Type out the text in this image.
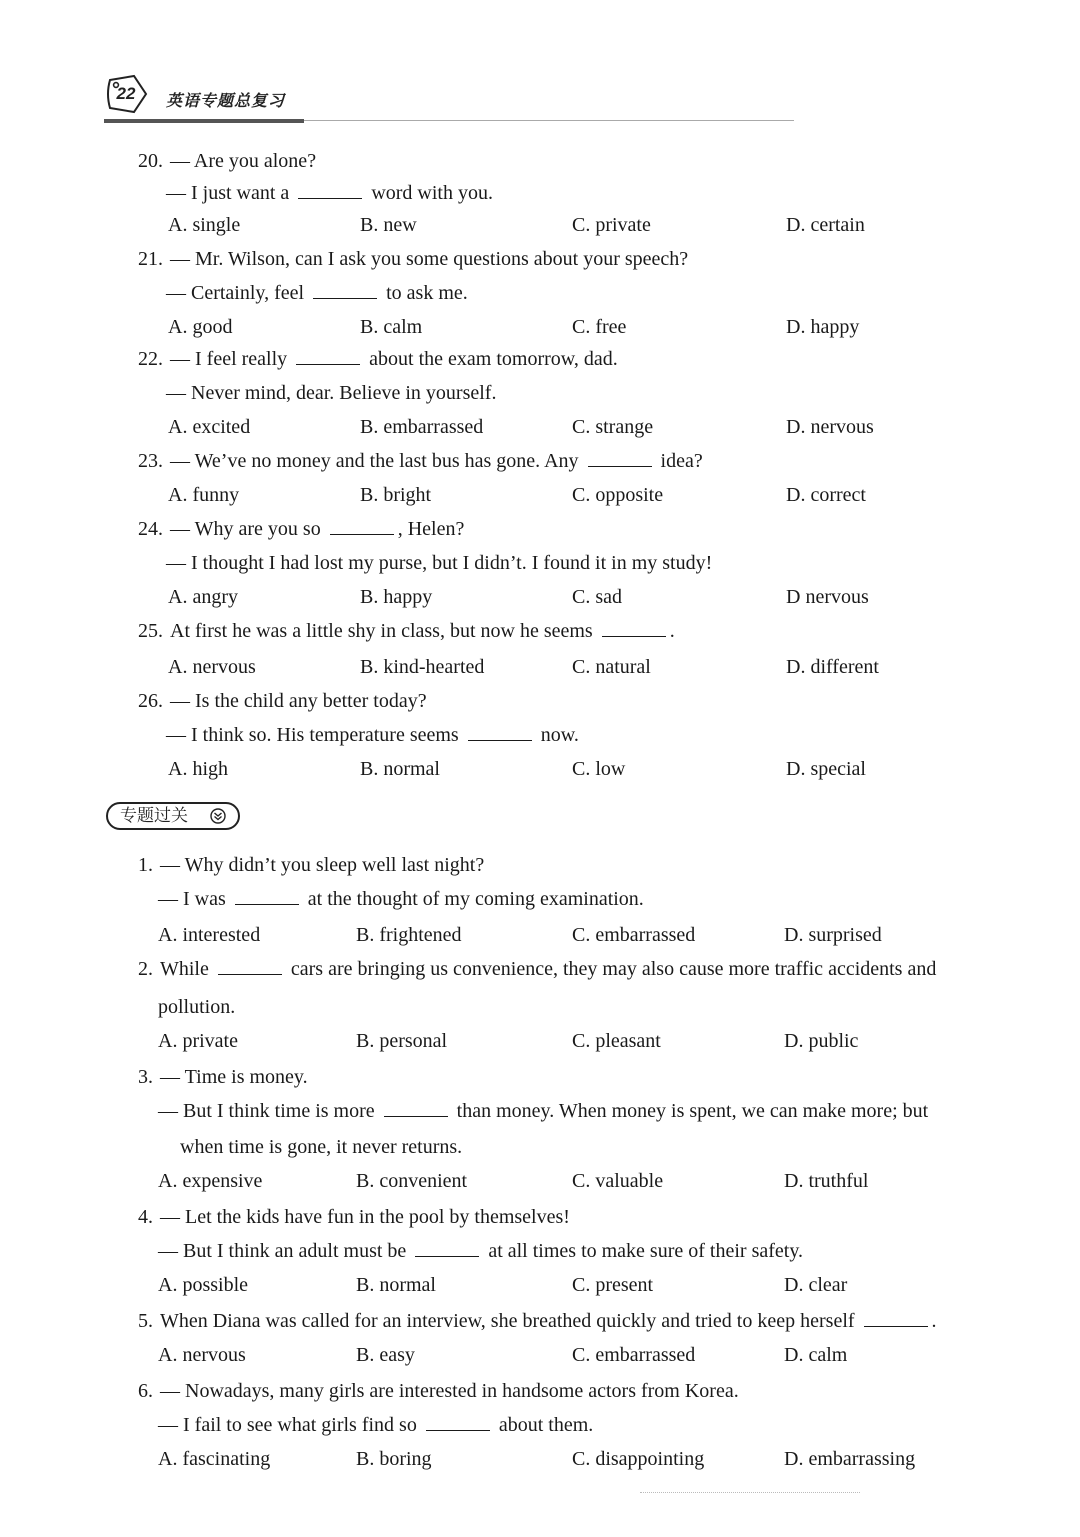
22	英语专题总复习
20. — Are you alone?
— I just want a	word with you.
A. single	B. new	C. private	D. certain
21. — Mr. Wilson, can I ask you some questions about your speech?
— Certainly, feel	to ask me.
A. good	B. calm	C. free	D. happy
22. — I feel really	about the exam tomorrow, dad.
— Never mind, dear. Believe in yourself.
A. excited	B. embarrassed	C. strange	D. nervous
23. — We’ve no money and the last bus has gone. Any	idea?
A. funny	B. bright	C. opposite	D. correct
24. — Why are you so	, Helen?
— I thought I had lost my purse, but I didn’t. I found it in my study!
A. angry	B. happy	C. sad	D nervous
25. At first he was a little shy in class, but now he seems	.
A. nervous	B. kind-hearted	C. natural	D. different
26. — Is the child any better today?
— I think so. His temperature seems	now.
A. high	B. normal	C. low	D. special
专题过关
1. — Why didn’t you sleep well last night?
— I was	at the thought of my coming examination.
A. interested	B. frightened	C. embarrassed	D. surprised
2. While	cars are bringing us convenience, they may also cause more traffic accidents and
pollution.
A. private	B. personal	C. pleasant	D. public
3. — Time is money.
— But I think time is more	than money. When money is spent, we can make more; but
when time is gone, it never returns.
A. expensive	B. convenient	C. valuable	D. truthful
4. — Let the kids have fun in the pool by themselves!
— But I think an adult must be	at all times to make sure of their safety.
A. possible	B. normal	C. present	D. clear
5. When Diana was called for an interview, she breathed quickly and tried to keep herself	.
A. nervous	B. easy	C. embarrassed	D. calm
6. — Nowadays, many girls are interested in handsome actors from Korea.
— I fail to see what girls find so	about them.
A. fascinating	B. boring	C. disappointing	D. embarrassing
